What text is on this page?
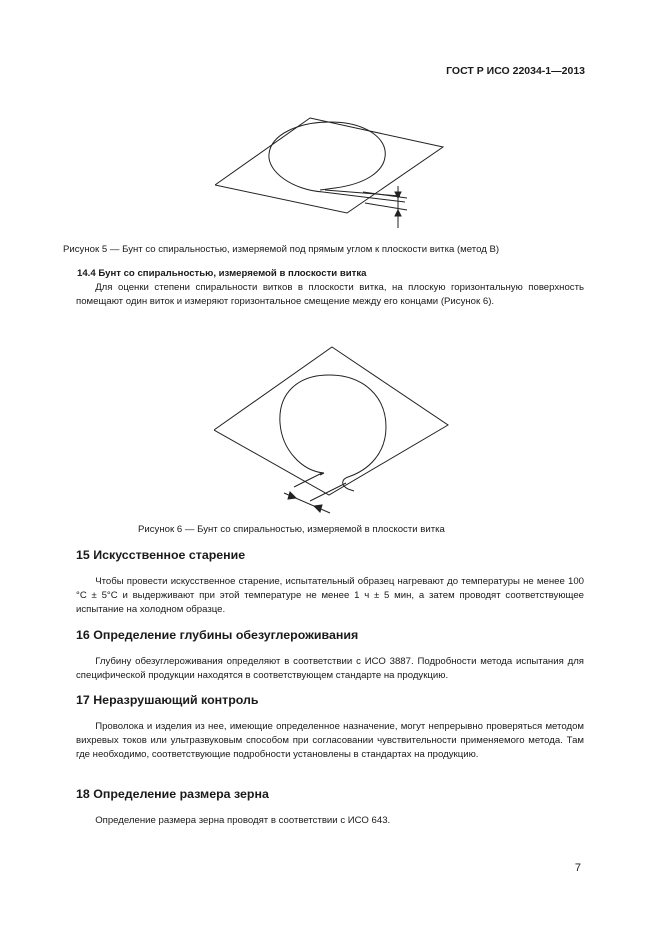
ГОСТ Р ИСО 22034-1—2013
Рисунок 5 — Бунт со спиральностью, измеряемой под прямым углом к плоскости витка (метод B)
14.4 Бунт со спиральностью, измеряемой в плоскости витка

  Для оценки степени спиральности витков в плоскости витка, на плоскую горизонтальную поверхность помещают один виток и измеряют горизонтальное смещение между его концами (Рисунок 6).

Рисунок 6 — Бунт со спиральностью, измеряемой в плоскости витка
15 Искусственное старение

  Чтобы провести искусственное старение, испытательный образец нагревают до температуры не менее 100 °С ± 5°С и выдерживают при этой температуре не менее 1 ч ± 5 мин, а затем проводят соответствующее испытание на холодном образце.

16 Определение глубины обезуглероживания

  Глубину обезуглероживания определяют в соответствии с ИСО 3887. Подробности метода испытания для специфической продукции находятся в соответствующем стандарте на продукцию.

17 Неразрушающий контроль

  Проволока и изделия из нее, имеющие определенное назначение, могут непрерывно проверяться методом вихревых токов или ультразвуковым способом при согласовании чувствительности применяемого метода. Там где необходимо, соответствующие подробности установлены в стандартах на продукцию.

18 Определение размера зерна

  Определение размера зерна проводят в соответствии с ИСО 643.

7
